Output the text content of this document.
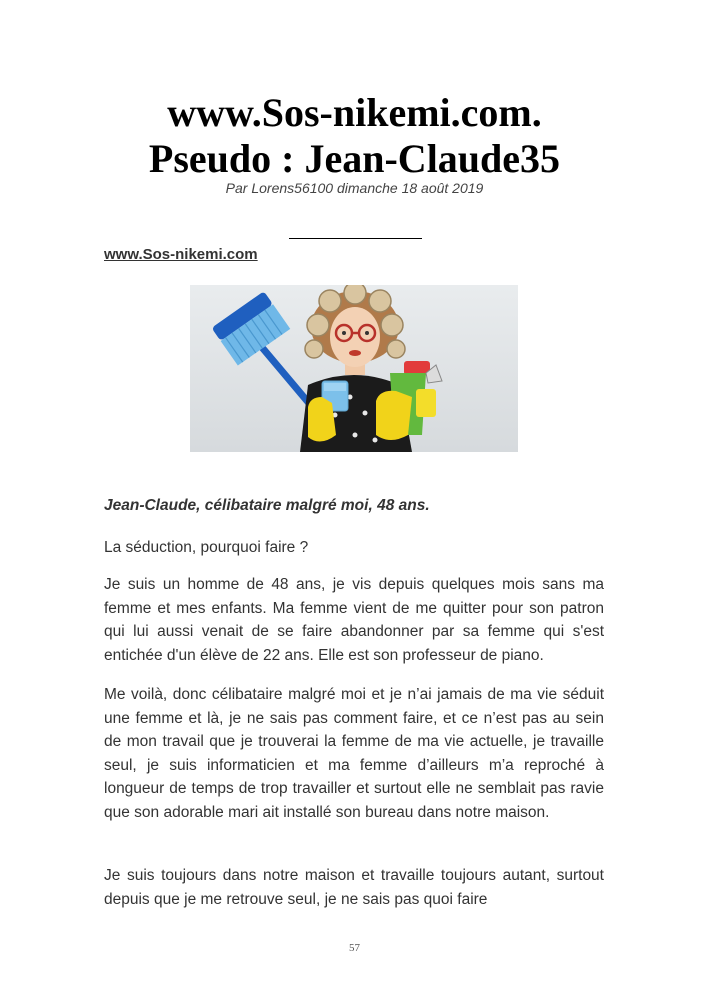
www.Sos-nikemi.com.
Pseudo : Jean-Claude35

Par Lorens56100 dimanche 18 août 2019

www.Sos-nikemi.com

Jean-Claude, célibataire malgré moi, 48 ans.

La séduction, pourquoi faire ?

Je suis un homme de 48 ans, je vis depuis quelques mois sans ma femme et mes enfants. Ma femme vient de me quitter pour son patron qui lui aussi venait de se faire abandonner par sa femme qui s'est entichée d'un élève de 22 ans. Elle est son professeur de piano.

Me voilà, donc célibataire malgré moi et je n’ai jamais de ma vie séduit une femme et là, je ne sais pas comment faire, et ce n’est pas au sein de mon travail que je trouverai la femme de ma vie actuelle, je travaille seul, je suis informaticien et ma femme d’ailleurs m’a reproché à longueur de temps de trop travailler et surtout elle ne semblait pas ravie que son adorable mari ait installé son bureau dans notre maison.

Je suis toujours dans notre maison et travaille toujours autant, surtout depuis que je me retrouve seul, je ne sais pas quoi faire

57
